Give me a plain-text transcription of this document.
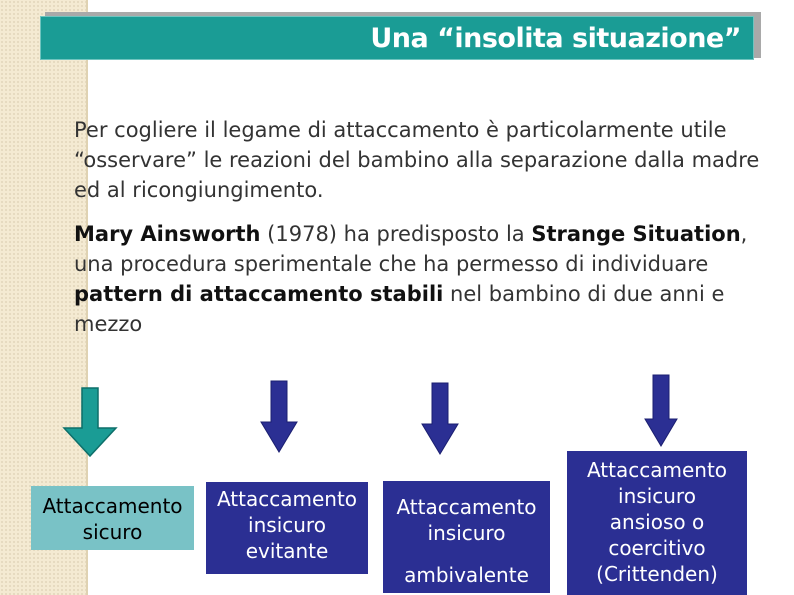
Una “insolita situazione”
Per cogliere il legame di attaccamento è particolarmente utile “osservare” le reazioni del bambino alla separazione dalla madre ed al ricongiungimento.
Mary Ainsworth (1978) ha predisposto la Strange Situation, una procedura sperimentale che ha permesso di individuare pattern di attaccamento stabili nel bambino di due anni e mezzo
Attaccamento
sicuro
Attaccamento
insicuro
evitante
Attaccamento
insicuro
ambivalente
Attaccamento
insicuro
ansioso o
coercitivo
(Crittenden)
